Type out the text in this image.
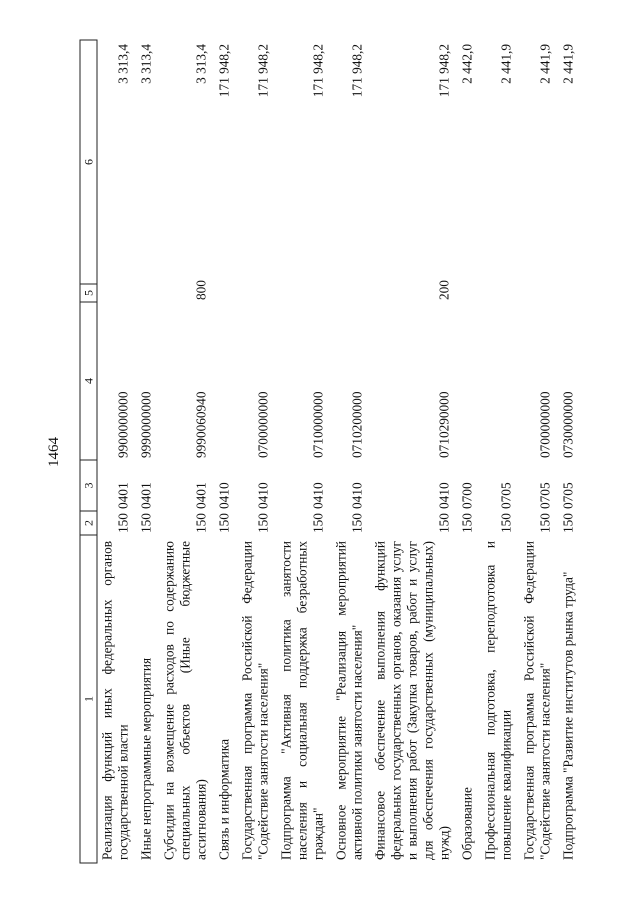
1464
1	2	3	4	5	6
Реализация функций иных федеральных органов государственной власти	150	0401	9900000000		3 313,4
Иные непрограммные мероприятия	150	0401	9990000000		3 313,4
Субсидии на возмещение расходов по содержанию специальных объектов (Иные бюджетные ассигнования)	150	0401	9990060940	800	3 313,4
Связь и информатика	150	0410			171 948,2
Государственная программа Российской Федерации "Содействие занятости населения"	150	0410	0700000000		171 948,2
Подпрограмма "Активная политика занятости населения и социальная поддержка безработных граждан"	150	0410	0710000000		171 948,2
Основное мероприятие "Реализация мероприятий активной политики занятости населения"	150	0410	0710200000		171 948,2
Финансовое обеспечение выполнения функций федеральных государственных органов, оказания услуг и выполнения работ (Закупка товаров, работ и услуг для обеспечения государственных (муниципальных) нужд)	150	0410	0710290000	200	171 948,2
Образование	150	0700			2 442,0
Профессиональная подготовка, переподготовка и повышение квалификации	150	0705			2 441,9
Государственная программа Российской Федерации "Содействие занятости населения"	150	0705	0700000000		2 441,9
Подпрограмма "Развитие институтов рынка труда"	150	0705	0730000000		2 441,9
